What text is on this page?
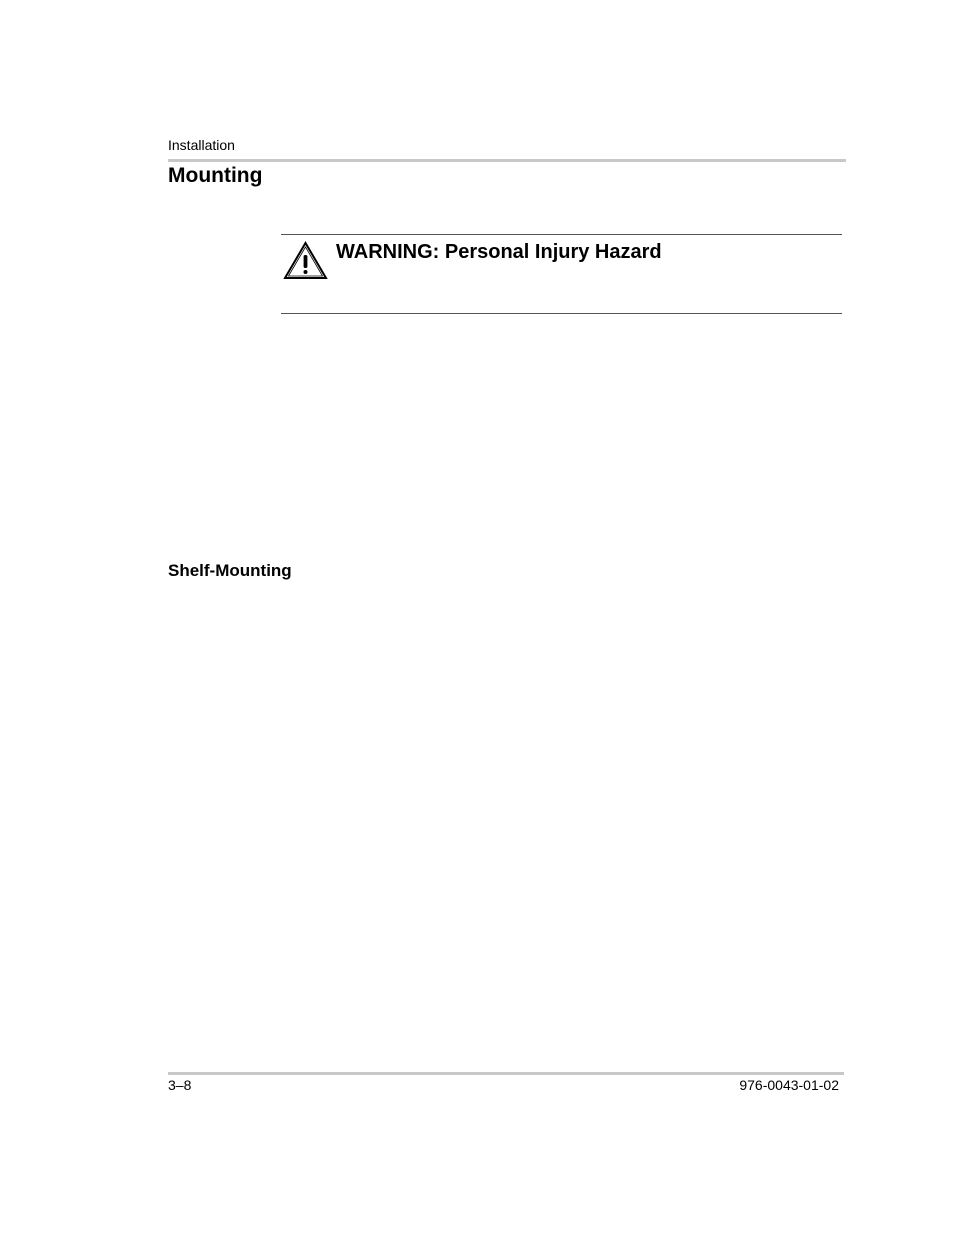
Installation
Mounting
WARNING: Personal Injury Hazard
Shelf-Mounting
3–8	976-0043-01-02
